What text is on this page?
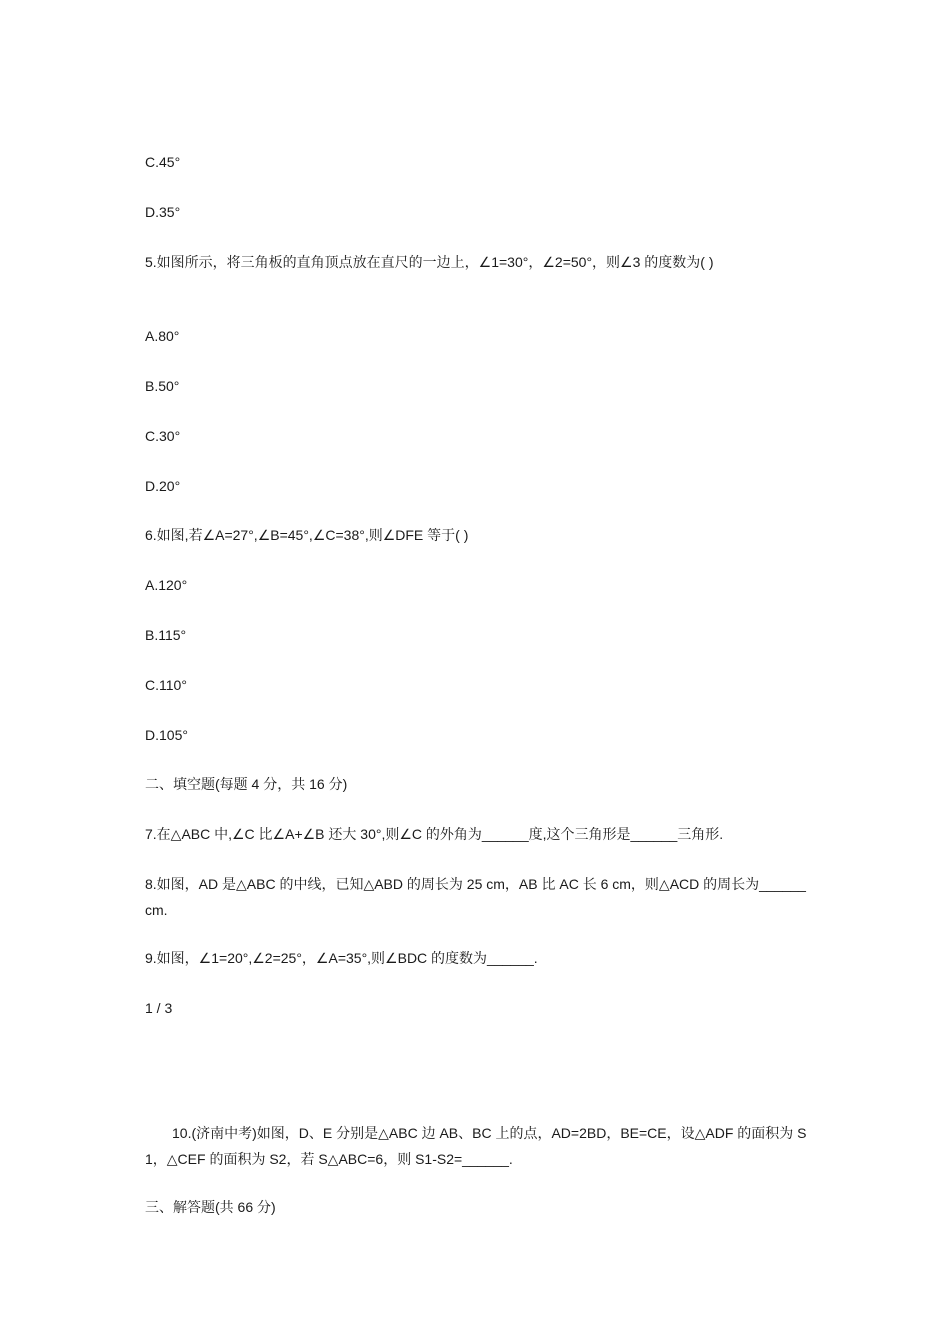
C.45°
D.35°
5.如图所示，将三角板的直角顶点放在直尺的一边上，∠1=30°，∠2=50°，则∠3 的度数为( )
A.80°
B.50°
C.30°
D.20°
6.如图,若∠A=27°,∠B=45°,∠C=38°,则∠DFE 等于( )
A.120°
B.115°
C.110°
D.105°
二、填空题(每题 4 分，共 16 分)
7.在△ABC 中,∠C 比∠A+∠B 还大 30°,则∠C 的外角为______度,这个三角形是______三角形.
8.如图，AD 是△ABC 的中线，已知△ABD 的周长为 25 cm，AB 比 AC 长 6 cm，则△ACD 的周长为______cm.
9.如图，∠1=20°,∠2=25°，∠A=35°,则∠BDC 的度数为______.
1 / 3
10.(济南中考)如图，D、E 分别是△ABC 边 AB、BC 上的点，AD=2BD，BE=CE，设△ADF 的面积为 S1，△CEF 的面积为 S2，若 S△ABC=6，则 S1-S2=______.
三、解答题(共 66 分)
